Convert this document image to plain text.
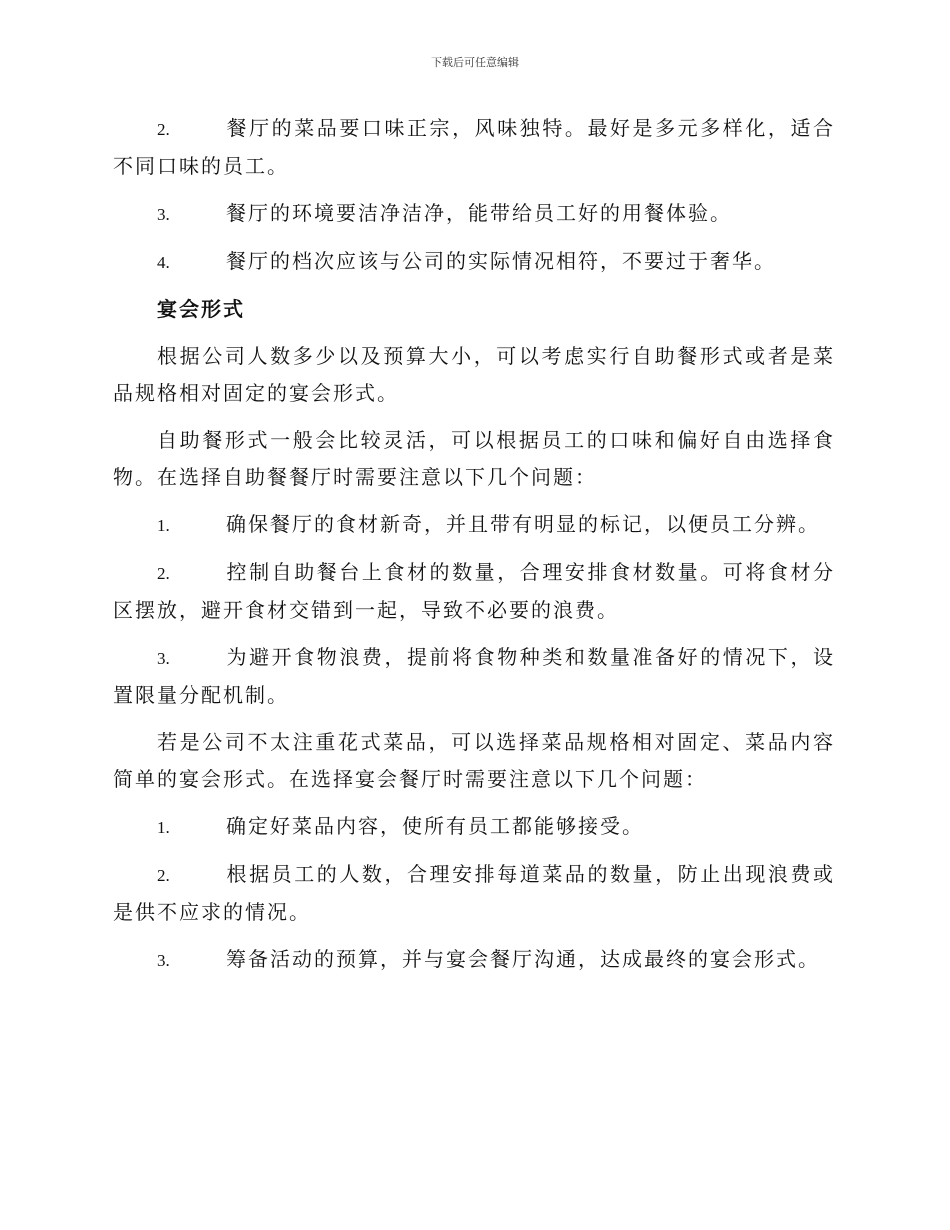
下载后可任意编辑

2.	餐厅的菜品要口味正宗，风味独特。最好是多元多样化，适合不同口味的员工。

3.	餐厅的环境要洁净洁净，能带给员工好的用餐体验。

4.	餐厅的档次应该与公司的实际情况相符，不要过于奢华。

宴会形式

根据公司人数多少以及预算大小，可以考虑实行自助餐形式或者是菜品规格相对固定的宴会形式。

自助餐形式一般会比较灵活，可以根据员工的口味和偏好自由选择食物。在选择自助餐餐厅时需要注意以下几个问题：

1.	确保餐厅的食材新奇，并且带有明显的标记，以便员工分辨。

2.	控制自助餐台上食材的数量，合理安排食材数量。可将食材分区摆放，避开食材交错到一起，导致不必要的浪费。

3.	为避开食物浪费，提前将食物种类和数量准备好的情况下，设置限量分配机制。

若是公司不太注重花式菜品，可以选择菜品规格相对固定、菜品内容简单的宴会形式。在选择宴会餐厅时需要注意以下几个问题：

1.	确定好菜品内容，使所有员工都能够接受。

2.	根据员工的人数，合理安排每道菜品的数量，防止出现浪费或是供不应求的情况。

3.	筹备活动的预算，并与宴会餐厅沟通，达成最终的宴会形式。
